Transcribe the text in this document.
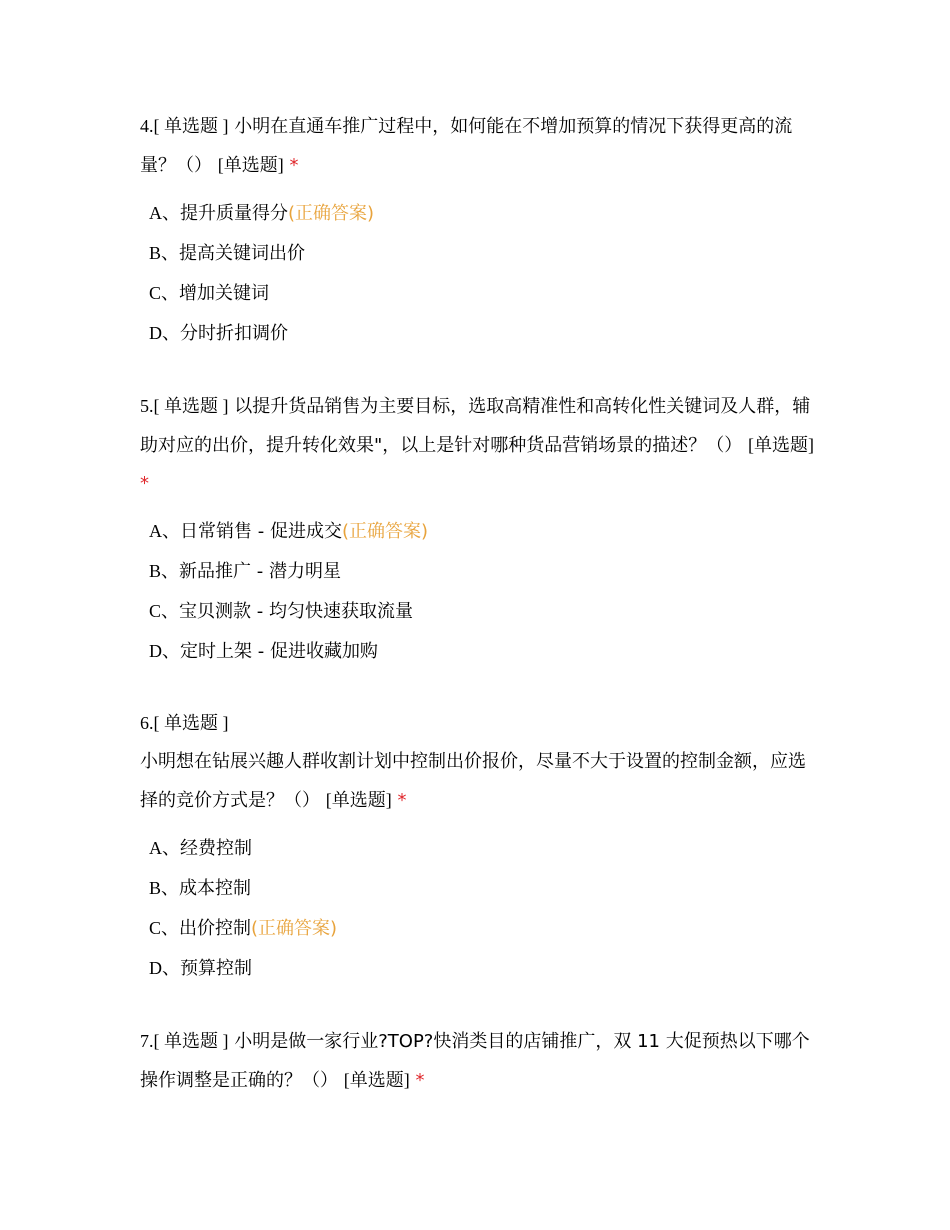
4.[ 单选题 ] 小明在直通车推广过程中，如何能在不增加预算的情况下获得更高的流量？（） [单选题] *

A、提升质量得分(正确答案)
B、提高关键词出价
C、增加关键词
D、分时折扣调价

5.[ 单选题 ] 以提升货品销售为主要目标，选取高精准性和高转化性关键词及人群，辅助对应的出价，提升转化效果"，以上是针对哪种货品营销场景的描述？（） [单选题] *

A、日常销售 - 促进成交(正确答案)
B、新品推广 - 潜力明星
C、宝贝测款 - 均匀快速获取流量
D、定时上架 - 促进收藏加购

6.[ 单选题 ]

小明想在钻展兴趣人群收割计划中控制出价报价，尽量不大于设置的控制金额，应选择的竞价方式是？（） [单选题] *

A、经费控制
B、成本控制
C、出价控制(正确答案)
D、预算控制

7.[ 单选题 ] 小明是做一家行业?TOP?快消类目的店铺推广，双 11 大促预热以下哪个操作调整是正确的？（） [单选题] *
